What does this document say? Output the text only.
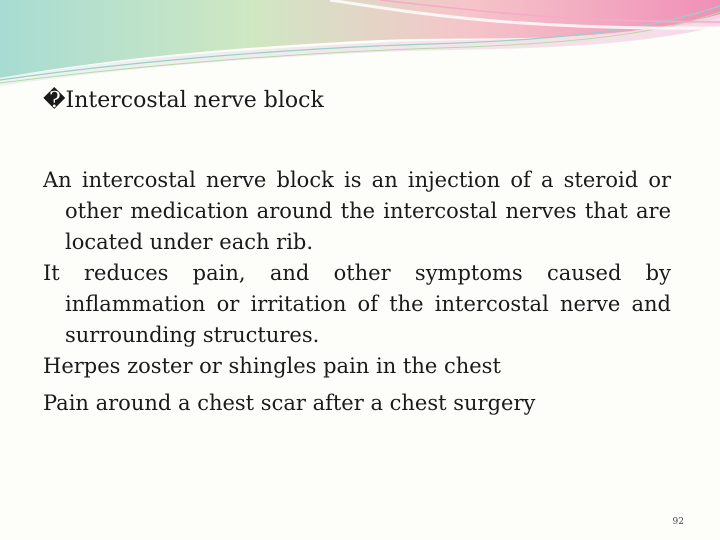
�Intercostal nerve block

An intercostal nerve block is an injection of a steroid or other medication around the intercostal nerves that are located under each rib.

It reduces pain, and other symptoms caused by inflammation or irritation of the intercostal nerve and surrounding structures.

Herpes zoster or shingles pain in the chest

Pain around a chest scar after a chest surgery

92
